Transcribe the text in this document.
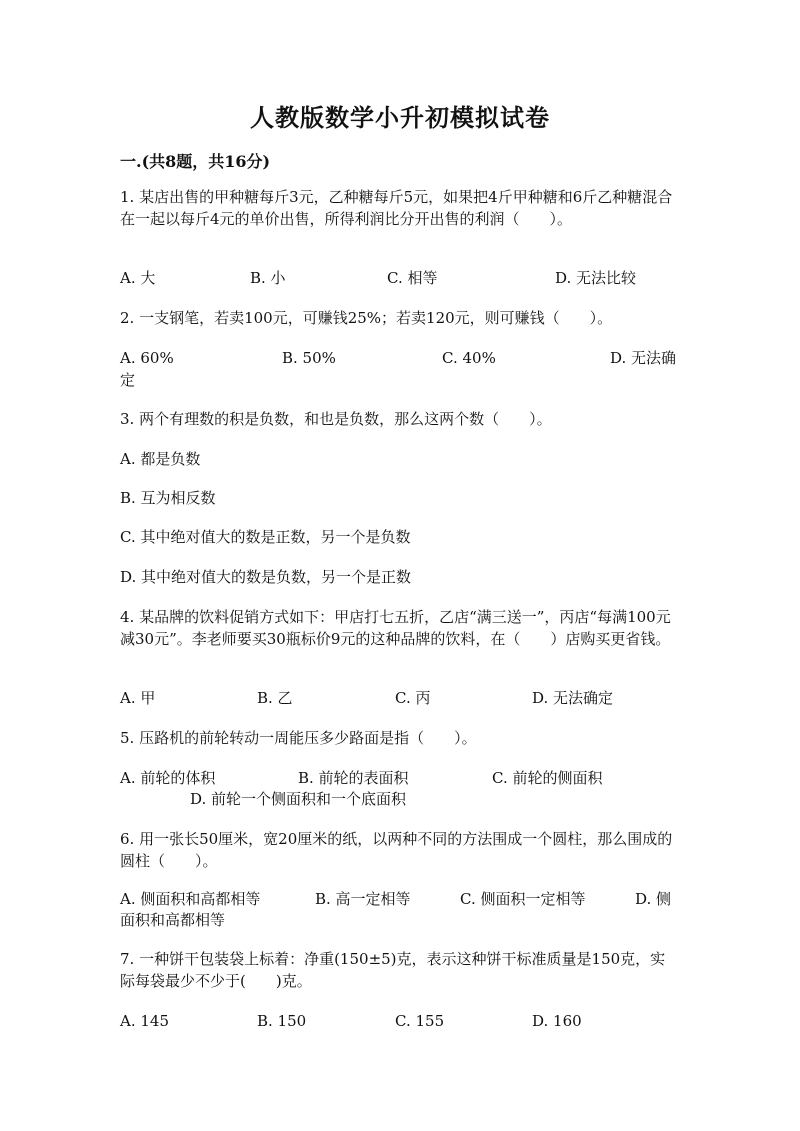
人教版数学小升初模拟试卷
一.(共8题，共16分)
1. 某店出售的甲种糖每斤3元，乙种糖每斤5元，如果把4斤甲种糖和6斤乙种糖混合在一起以每斤4元的单价出售，所得利润比分开出售的利润（　　）。
A. 大	B. 小	C. 相等	D. 无法比较
2. 一支钢笔，若卖100元，可赚钱25%；若卖120元，则可赚钱（　　）。
A. 60%	B. 50%	C. 40%	D. 无法确
定
3. 两个有理数的积是负数，和也是负数，那么这两个数（　　）。
A. 都是负数
B. 互为相反数
C. 其中绝对值大的数是正数，另一个是负数
D. 其中绝对值大的数是负数，另一个是正数
4. 某品牌的饮料促销方式如下：甲店打七五折，乙店“满三送一”，丙店“每满100元减30元”。李老师要买30瓶标价9元的这种品牌的饮料，在（　　）店购买更省钱。
A. 甲	B. 乙	C. 丙	D. 无法确定
5. 压路机的前轮转动一周能压多少路面是指（　　）。
A. 前轮的体积	B. 前轮的表面积	C. 前轮的侧面积
D. 前轮一个侧面积和一个底面积
6. 用一张长50厘米，宽20厘米的纸，以两种不同的方法围成一个圆柱，那么围成的圆柱（　　）。
A. 侧面积和高都相等	B. 高一定相等	C. 侧面积一定相等	D. 侧
面积和高都相等
7. 一种饼干包装袋上标着：净重(150±5)克，表示这种饼干标准质量是150克，实际每袋最少不少于(　　)克。
A. 145	B. 150	C. 155	D. 160
